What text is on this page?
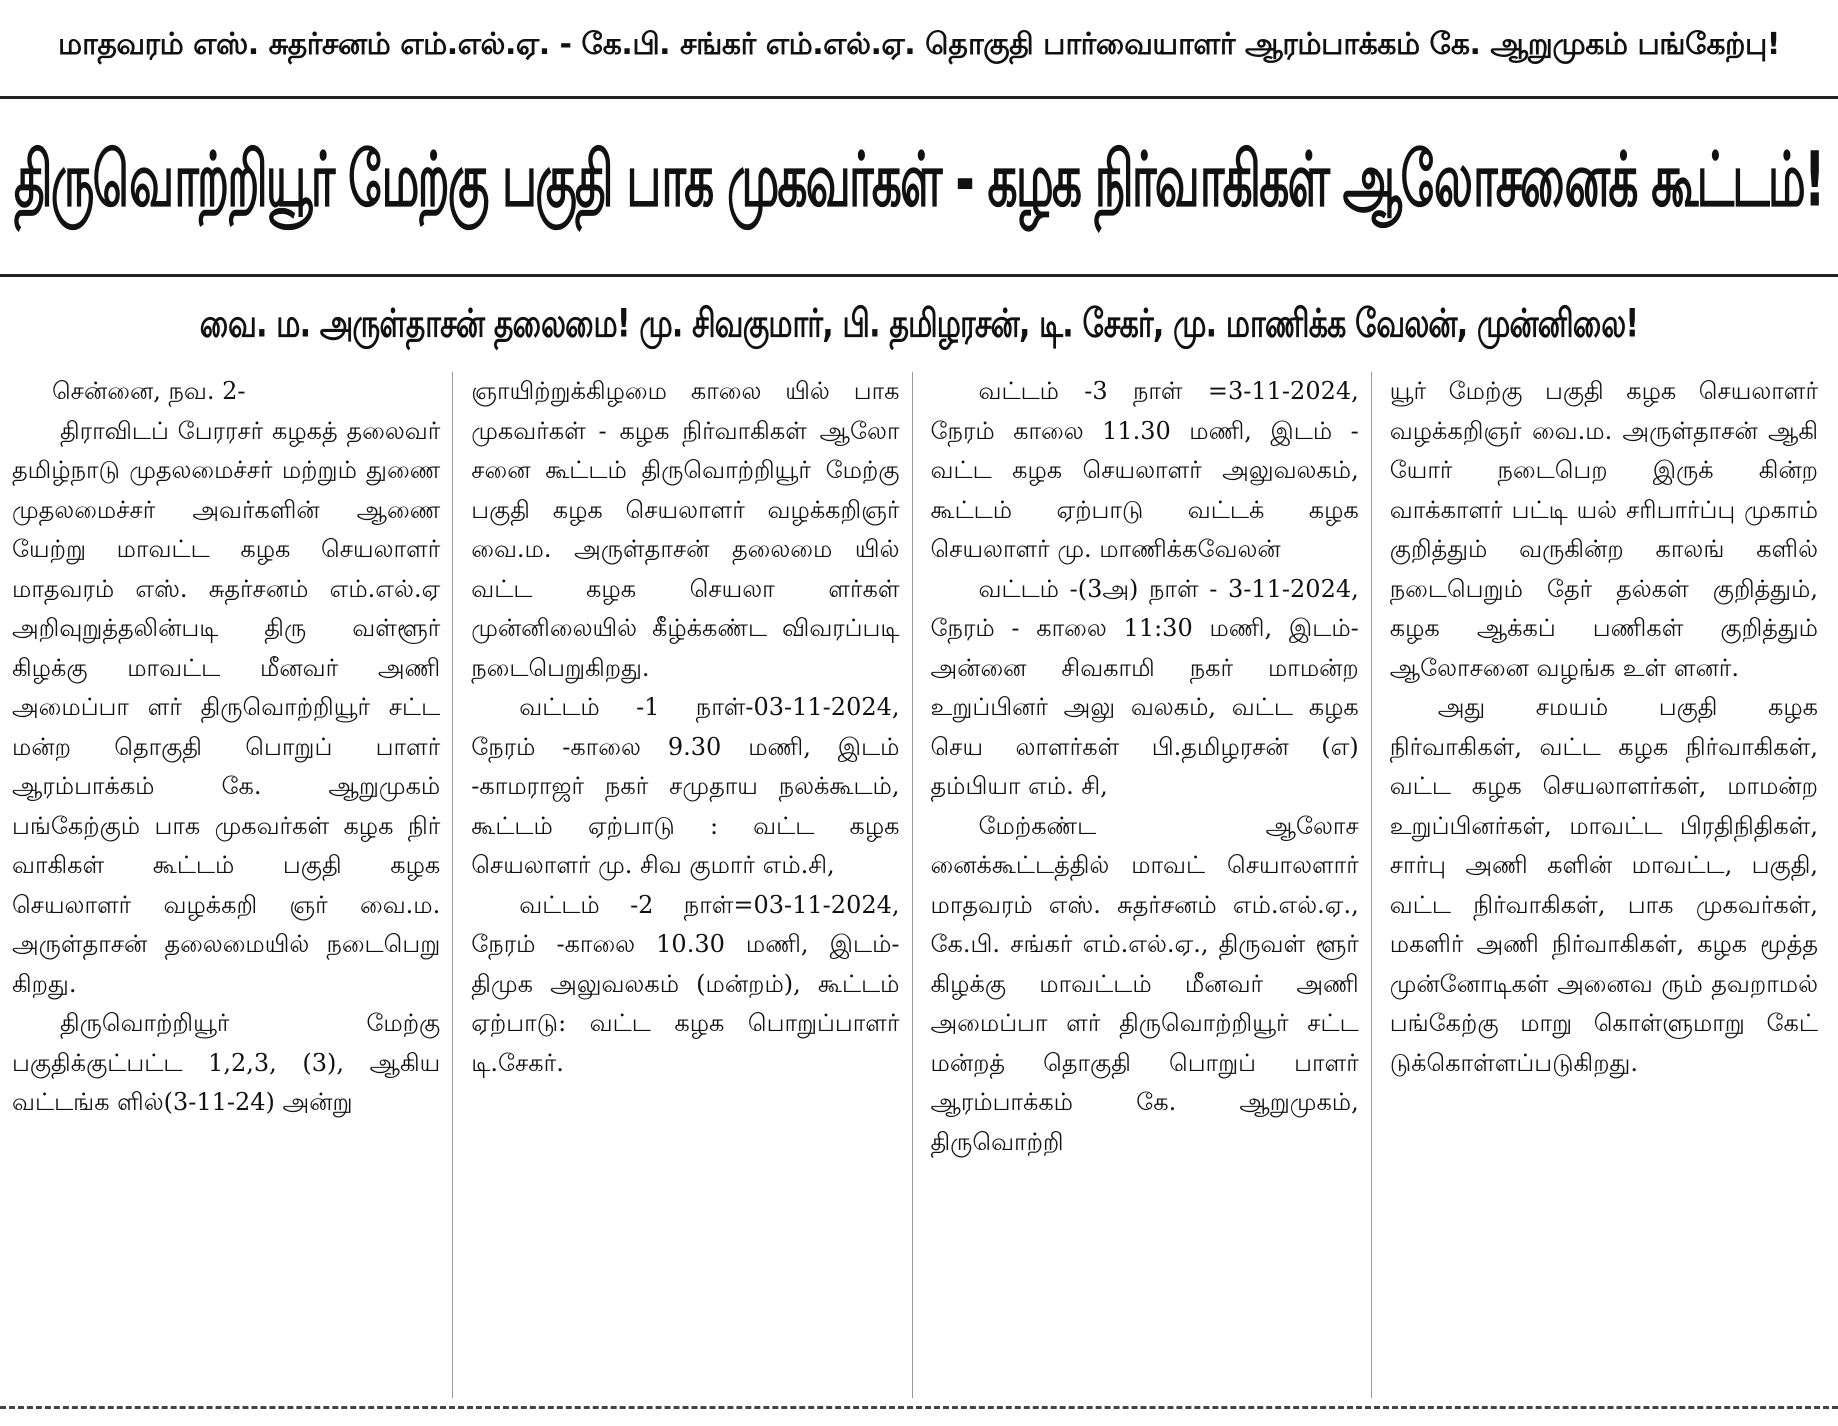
மாதவரம் எஸ். சுதர்சனம் எம்.எல்.ஏ. - கே.பி. சங்கர் எம்.எல்.ஏ. தொகுதி பார்வையாளர் ஆரம்பாக்கம் கே. ஆறுமுகம் பங்கேற்பு!
திருவொற்றியூர் மேற்கு பகுதி பாக முகவர்கள் - கழக நிர்வாகிகள் ஆலோசனைக் கூட்டம்!
வை. ம. அருள்தாசன் தலைமை! மு. சிவகுமார், பி. தமிழரசன், டி. சேகர், மு. மாணிக்க வேலன், முன்னிலை!

சென்னை, நவ. 2-

திராவிடப் பேரரசர் கழகத் தலைவர் தமிழ்நாடு முதலமைச்சர் மற்றும் துணை முதலமைச்சர் அவர்களின் ஆணை யேற்று மாவட்ட கழக செயலாளர் மாதவரம் எஸ். சுதர்சனம் எம்.எல்.ஏ அறிவுறுத்தலின்படி திரு வள்ளூர் கிழக்கு மாவட்ட மீனவர் அணி அமைப்பா ளர் திருவொற்றியூர் சட்ட மன்ற தொகுதி பொறுப் பாளர் ஆரம்பாக்கம் கே. ஆறுமுகம் பங்கேற்கும் பாக முகவர்கள் கழக நிர் வாகிகள் கூட்டம் பகுதி கழக செயலாளர் வழக்கறி ஞர் வை.ம. அருள்தாசன் தலைமையில் நடைபெறு கிறது.

திருவொற்றியூர் மேற்கு பகுதிக்குட்பட்ட 1,2,3, (3), ஆகிய வட்டங்க ளில்(3-11-24) அன்று

ஞாயிற்றுக்கிழமை காலை யில் பாக முகவர்கள் - கழக நிர்வாகிகள் ஆலோ சனை கூட்டம் திருவொற்றியூர் மேற்கு பகுதி கழக செயலாளர் வழக்கறிஞர் வை.ம. அருள்தாசன் தலைமை யில் வட்ட கழக செயலா ளர்கள் முன்னிலையில் கீழ்க்கண்ட விவரப்படி நடைபெறுகிறது.

வட்டம் -1 நாள்-03-11-2024, நேரம் -காலை 9.30 மணி, இடம் -காமராஜர் நகர் சமுதாய நலக்கூடம், கூட்டம் ஏற்பாடு : வட்ட கழக செயலாளர் மு. சிவ குமார் எம்.சி,

வட்டம் -2 நாள்=03-11-2024, நேரம் -காலை 10.30 மணி, இடம்- திமுக அலுவலகம் (மன்றம்), கூட்டம் ஏற்பாடு: வட்ட கழக பொறுப்பாளர் டி.சேகர்.

வட்டம் -3 நாள் =3-11-2024, நேரம் காலை 11.30 மணி, இடம் - வட்ட கழக செயலாளர் அலுவலகம், கூட்டம் ஏற்பாடு வட்டக் கழக செயலாளர் மு. மாணிக்கவேலன்

வட்டம் -(3அ) நாள் - 3-11-2024, நேரம் - காலை 11:30 மணி, இடம்- அன்னை சிவகாமி நகர் மாமன்ற உறுப்பினர் அலு வலகம், வட்ட கழக செய லாளர்கள் பி.தமிழரசன் (எ) தம்பியா எம். சி,

மேற்கண்ட ஆலோச னைக்கூட்டத்தில் மாவட் செயாலளார் மாதவரம் எஸ். சுதர்சனம் எம்.எல்.ஏ., கே.பி. சங்கர் எம்.எல்.ஏ., திருவள் ளூர் கிழக்கு மாவட்டம் மீனவர் அணி அமைப்பா ளர் திருவொற்றியூர் சட்ட மன்றத் தொகுதி பொறுப் பாளர் ஆரம்பாக்கம் கே. ஆறுமுகம், திருவொற்றி

யூர் மேற்கு பகுதி கழக செயலாளர் வழக்கறிஞர் வை.ம. அருள்தாசன் ஆகி யோர் நடைபெற இருக் கின்ற வாக்காளர் பட்டி யல் சரிபார்ப்பு முகாம் குறித்தும் வருகின்ற காலங் களில் நடைபெறும் தேர் தல்கள் குறித்தும், கழக ஆக்கப் பணிகள் குறித்தும் ஆலோசனை வழங்க உள் ளனர்.

அது சமயம் பகுதி கழக நிர்வாகிகள், வட்ட கழக நிர்வாகிகள், வட்ட கழக செயலாளர்கள், மாமன்ற உறுப்பினர்கள், மாவட்ட பிரதிநிதிகள், சார்பு அணி களின் மாவட்ட, பகுதி, வட்ட நிர்வாகிகள், பாக முகவர்கள், மகளிர் அணி நிர்வாகிகள், கழக மூத்த முன்னோடிகள் அனைவ ரும் தவறாமல் பங்கேற்கு மாறு கொள்ளுமாறு கேட் டுக்கொள்ளப்படுகிறது.
